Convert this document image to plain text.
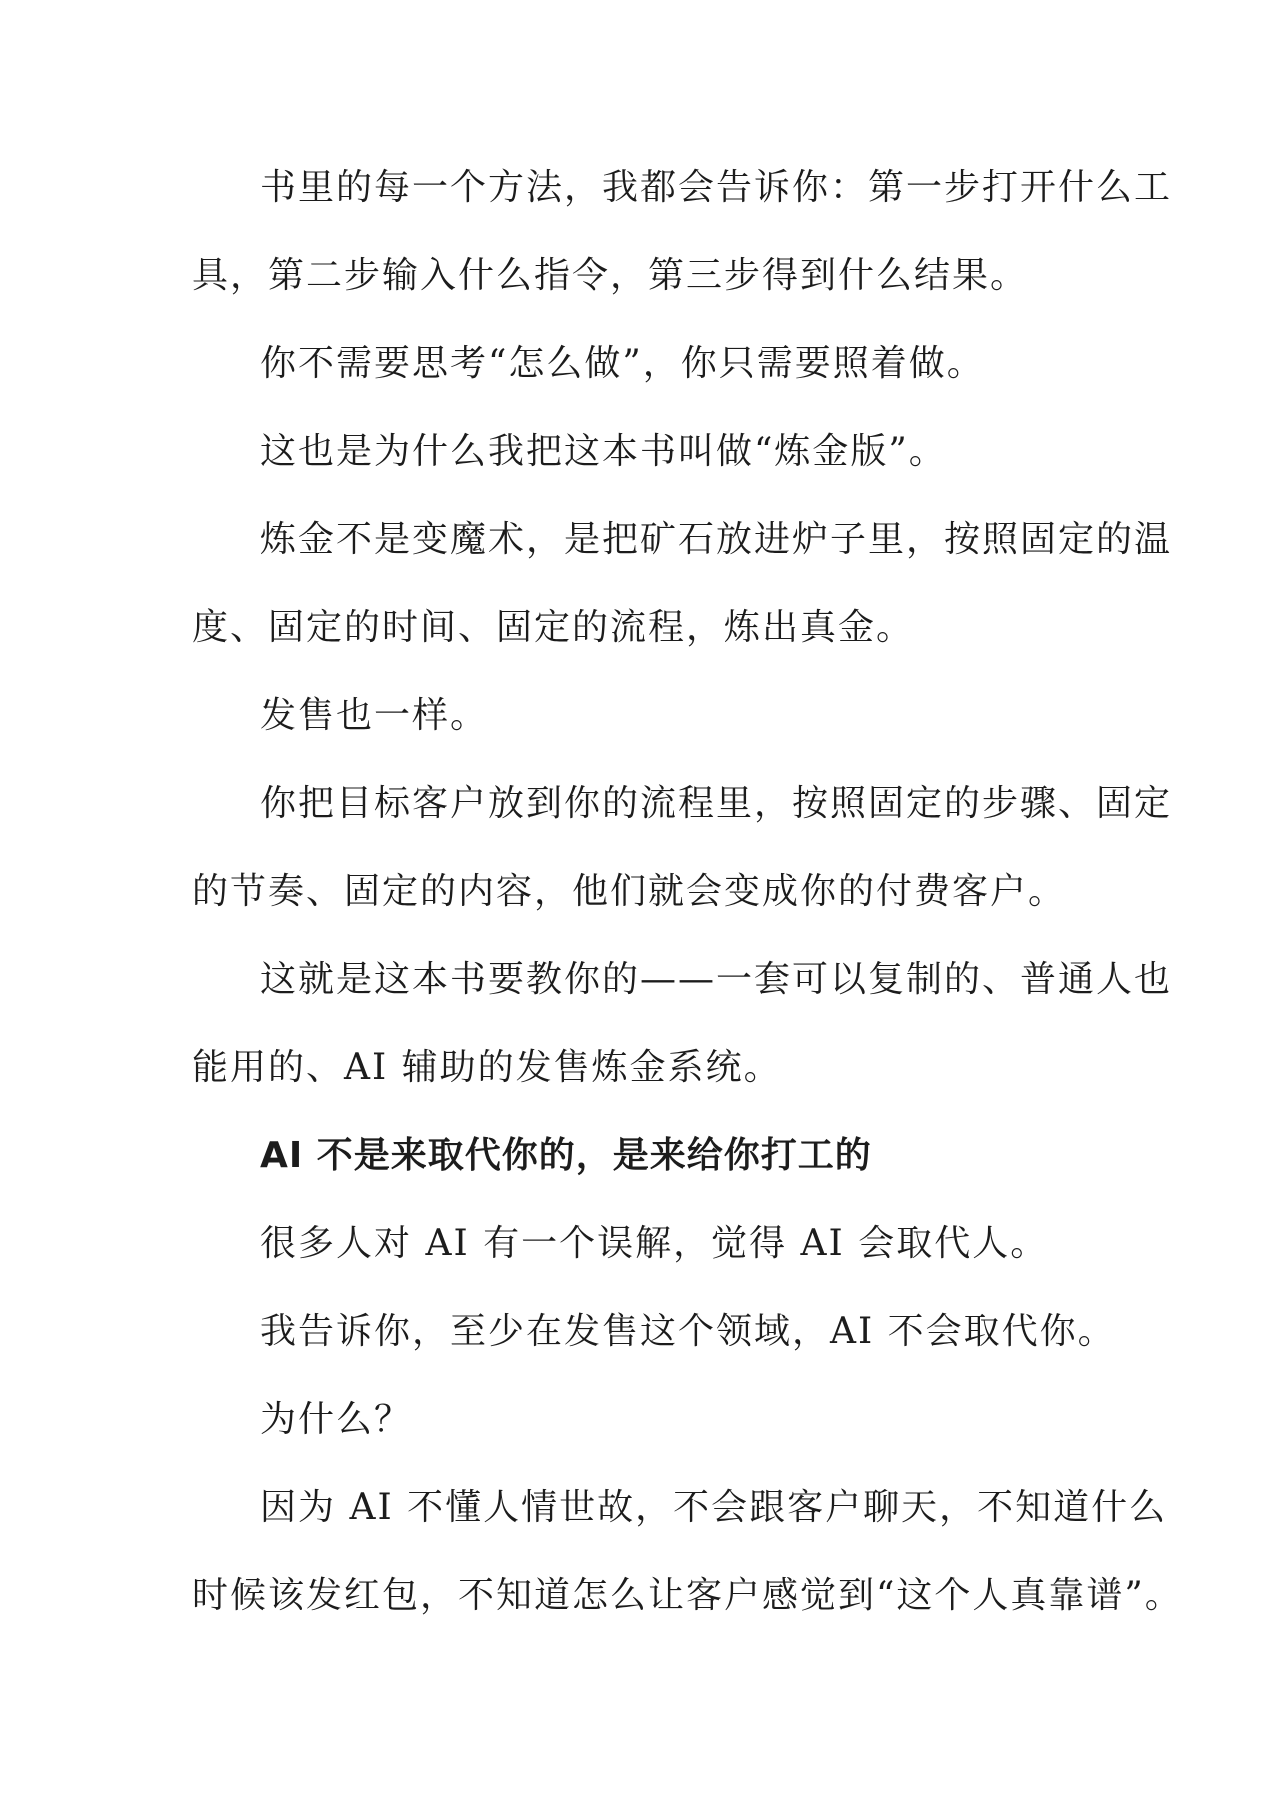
书里的每一个方法，我都会告诉你：第一步打开什么工
具，第二步输入什么指令，第三步得到什么结果。
你不需要思考“怎么做”，你只需要照着做。
这也是为什么我把这本书叫做“炼金版”。
炼金不是变魔术，是把矿石放进炉子里，按照固定的温
度、固定的时间、固定的流程，炼出真金。
发售也一样。
你把目标客户放到你的流程里，按照固定的步骤、固定
的节奏、固定的内容，他们就会变成你的付费客户。
这就是这本书要教你的——一套可以复制的、普通人也
能用的、AI 辅助的发售炼金系统。
AI 不是来取代你的，是来给你打工的
很多人对 AI 有一个误解，觉得 AI 会取代人。
我告诉你，至少在发售这个领域，AI 不会取代你。
为什么？
因为 AI 不懂人情世故，不会跟客户聊天，不知道什么
时候该发红包，不知道怎么让客户感觉到“这个人真靠谱”。
